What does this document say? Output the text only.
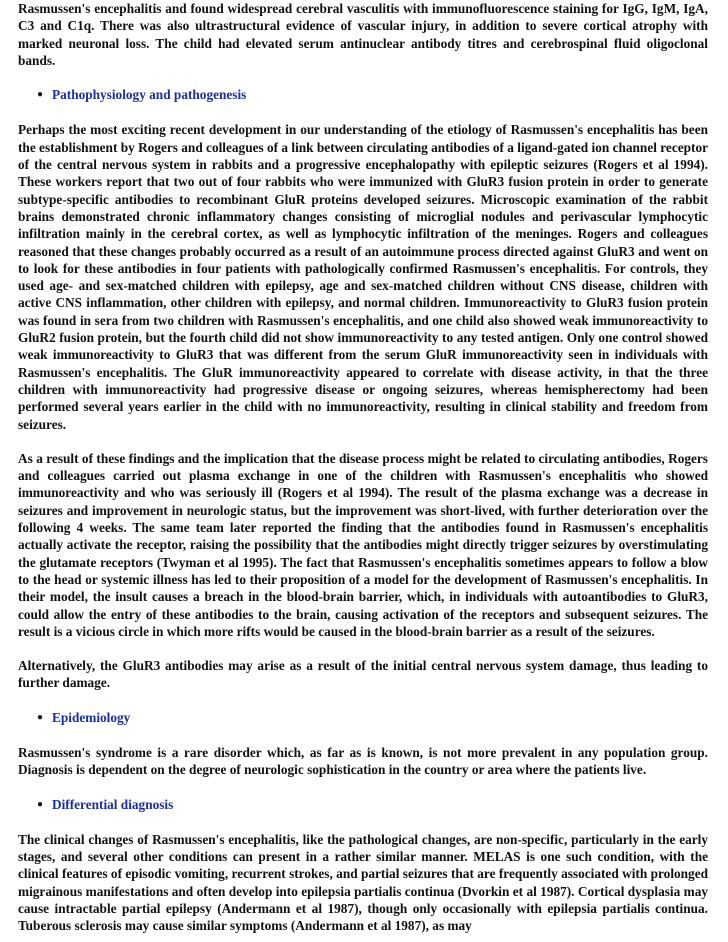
Rasmussen's encephalitis and found widespread cerebral vasculitis with immunofluorescence staining for IgG, IgM, IgA, C3 and C1q. There was also ultrastructural evidence of vascular injury, in addition to severe cortical atrophy with marked neuronal loss. The child had elevated serum antinuclear antibody titres and cerebrospinal fluid oligoclonal bands.

● Pathophysiology and pathogenesis

Perhaps the most exciting recent development in our understanding of the etiology of Rasmussen's encephalitis has been the establishment by Rogers and colleagues of a link between circulating antibodies of a ligand-gated ion channel receptor of the central nervous system in rabbits and a progressive encephalopathy with epileptic seizures (Rogers et al 1994). These workers report that two out of four rabbits who were immunized with GluR3 fusion protein in order to generate subtype-specific antibodies to recombinant GluR proteins developed seizures. Microscopic examination of the rabbit brains demonstrated chronic inflammatory changes consisting of microglial nodules and perivascular lymphocytic infiltration mainly in the cerebral cortex, as well as lymphocytic infiltration of the meninges. Rogers and colleagues reasoned that these changes probably occurred as a result of an autoimmune process directed against GluR3 and went on to look for these antibodies in four patients with pathologically confirmed Rasmussen's encephalitis. For controls, they used age- and sex-matched children with epilepsy, age and sex-matched children without CNS disease, children with active CNS inflammation, other children with epilepsy, and normal children. Immunoreactivity to GluR3 fusion protein was found in sera from two children with Rasmussen's encephalitis, and one child also showed weak immunoreactivity to GluR2 fusion protein, but the fourth child did not show immunoreactivity to any tested antigen. Only one control showed weak immunoreactivity to GluR3 that was different from the serum GluR immunoreactivity seen in individuals with Rasmussen's encephalitis. The GluR immunoreactivity appeared to correlate with disease activity, in that the three children with immunoreactivity had progressive disease or ongoing seizures, whereas hemispherectomy had been performed several years earlier in the child with no immunoreactivity, resulting in clinical stability and freedom from seizures.

As a result of these findings and the implication that the disease process might be related to circulating antibodies, Rogers and colleagues carried out plasma exchange in one of the children with Rasmussen's encephalitis who showed immunoreactivity and who was seriously ill (Rogers et al 1994). The result of the plasma exchange was a decrease in seizures and improvement in neurologic status, but the improvement was short-lived, with further deterioration over the following 4 weeks. The same team later reported the finding that the antibodies found in Rasmussen's encephalitis actually activate the receptor, raising the possibility that the antibodies might directly trigger seizures by overstimulating the glutamate receptors (Twyman et al 1995). The fact that Rasmussen's encephalitis sometimes appears to follow a blow to the head or systemic illness has led to their proposition of a model for the development of Rasmussen's encephalitis. In their model, the insult causes a breach in the blood-brain barrier, which, in individuals with autoantibodies to GluR3, could allow the entry of these antibodies to the brain, causing activation of the receptors and subsequent seizures. The result is a vicious circle in which more rifts would be caused in the blood-brain barrier as a result of the seizures.

Alternatively, the GluR3 antibodies may arise as a result of the initial central nervous system damage, thus leading to further damage.

● Epidemiology

Rasmussen's syndrome is a rare disorder which, as far as is known, is not more prevalent in any population group. Diagnosis is dependent on the degree of neurologic sophistication in the country or area where the patients live.

● Differential diagnosis

The clinical changes of Rasmussen's encephalitis, like the pathological changes, are non-specific, particularly in the early stages, and several other conditions can present in a rather similar manner. MELAS is one such condition, with the clinical features of episodic vomiting, recurrent strokes, and partial seizures that are frequently associated with prolonged migrainous manifestations and often develop into epilepsia partialis continua (Dvorkin et al 1987). Cortical dysplasia may cause intractable partial epilepsy (Andermann et al 1987), though only occasionally with epilepsia partialis continua. Tuberous sclerosis may cause similar symptoms (Andermann et al 1987), as may
